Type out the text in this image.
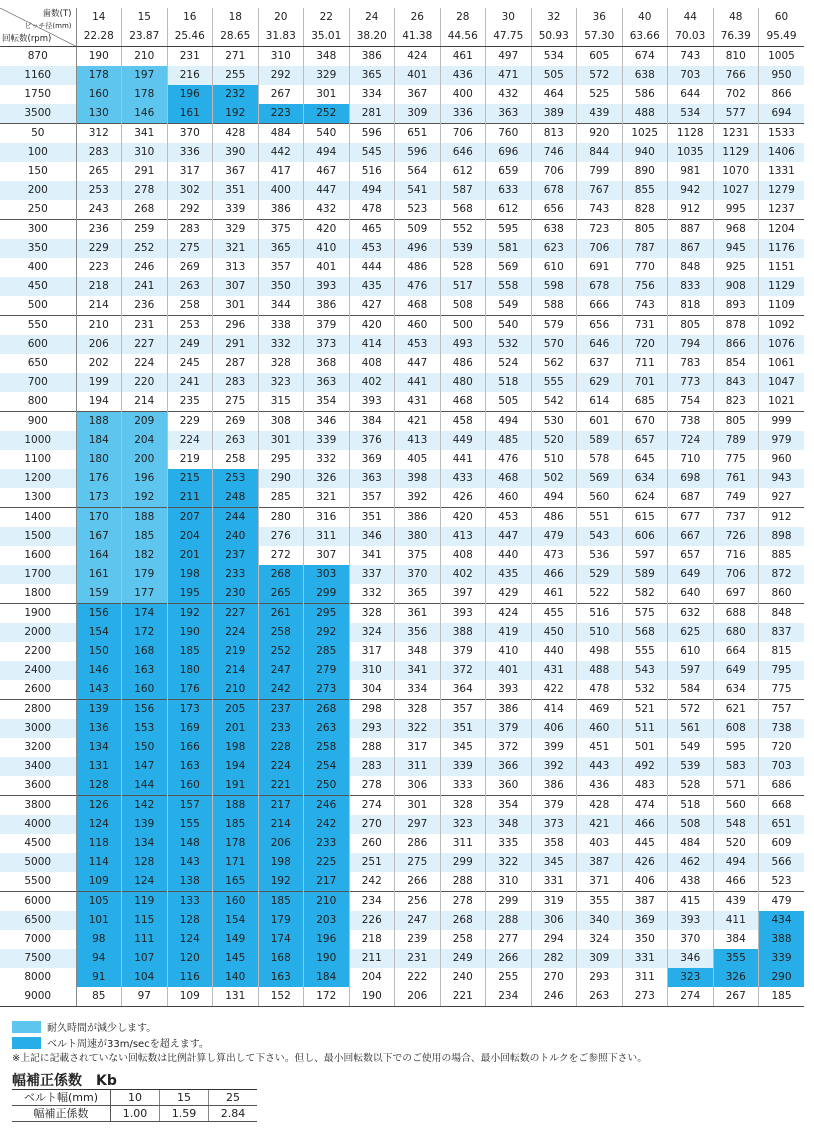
歯数(T)
ピッチ径(mm)
回転数(rpm)	14	15	16	18	20	22	24	26	28	30	32	36	40	44	48	60
	22.28	23.87	25.46	28.65	31.83	35.01	38.20	41.38	44.56	47.75	50.93	57.30	63.66	70.03	76.39	95.49
870	190	210	231	271	310	348	386	424	461	497	534	605	674	743	810	1005
1160	178	197	216	255	292	329	365	401	436	471	505	572	638	703	766	950
1750	160	178	196	232	267	301	334	367	400	432	464	525	586	644	702	866
3500	130	146	161	192	223	252	281	309	336	363	389	439	488	534	577	694
50	312	341	370	428	484	540	596	651	706	760	813	920	1025	1128	1231	1533
100	283	310	336	390	442	494	545	596	646	696	746	844	940	1035	1129	1406
150	265	291	317	367	417	467	516	564	612	659	706	799	890	981	1070	1331
200	253	278	302	351	400	447	494	541	587	633	678	767	855	942	1027	1279
250	243	268	292	339	386	432	478	523	568	612	656	743	828	912	995	1237
300	236	259	283	329	375	420	465	509	552	595	638	723	805	887	968	1204
350	229	252	275	321	365	410	453	496	539	581	623	706	787	867	945	1176
400	223	246	269	313	357	401	444	486	528	569	610	691	770	848	925	1151
450	218	241	263	307	350	393	435	476	517	558	598	678	756	833	908	1129
500	214	236	258	301	344	386	427	468	508	549	588	666	743	818	893	1109
550	210	231	253	296	338	379	420	460	500	540	579	656	731	805	878	1092
600	206	227	249	291	332	373	414	453	493	532	570	646	720	794	866	1076
650	202	224	245	287	328	368	408	447	486	524	562	637	711	783	854	1061
700	199	220	241	283	323	363	402	441	480	518	555	629	701	773	843	1047
800	194	214	235	275	315	354	393	431	468	505	542	614	685	754	823	1021
900	188	209	229	269	308	346	384	421	458	494	530	601	670	738	805	999
1000	184	204	224	263	301	339	376	413	449	485	520	589	657	724	789	979
1100	180	200	219	258	295	332	369	405	441	476	510	578	645	710	775	960
1200	176	196	215	253	290	326	363	398	433	468	502	569	634	698	761	943
1300	173	192	211	248	285	321	357	392	426	460	494	560	624	687	749	927
1400	170	188	207	244	280	316	351	386	420	453	486	551	615	677	737	912
1500	167	185	204	240	276	311	346	380	413	447	479	543	606	667	726	898
1600	164	182	201	237	272	307	341	375	408	440	473	536	597	657	716	885
1700	161	179	198	233	268	303	337	370	402	435	466	529	589	649	706	872
1800	159	177	195	230	265	299	332	365	397	429	461	522	582	640	697	860
1900	156	174	192	227	261	295	328	361	393	424	455	516	575	632	688	848
2000	154	172	190	224	258	292	324	356	388	419	450	510	568	625	680	837
2200	150	168	185	219	252	285	317	348	379	410	440	498	555	610	664	815
2400	146	163	180	214	247	279	310	341	372	401	431	488	543	597	649	795
2600	143	160	176	210	242	273	304	334	364	393	422	478	532	584	634	775
2800	139	156	173	205	237	268	298	328	357	386	414	469	521	572	621	757
3000	136	153	169	201	233	263	293	322	351	379	406	460	511	561	608	738
3200	134	150	166	198	228	258	288	317	345	372	399	451	501	549	595	720
3400	131	147	163	194	224	254	283	311	339	366	392	443	492	539	583	703
3600	128	144	160	191	221	250	278	306	333	360	386	436	483	528	571	686
3800	126	142	157	188	217	246	274	301	328	354	379	428	474	518	560	668
4000	124	139	155	185	214	242	270	297	323	348	373	421	466	508	548	651
4500	118	134	148	178	206	233	260	286	311	335	358	403	445	484	520	609
5000	114	128	143	171	198	225	251	275	299	322	345	387	426	462	494	566
5500	109	124	138	165	192	217	242	266	288	310	331	371	406	438	466	523
6000	105	119	133	160	185	210	234	256	278	299	319	355	387	415	439	479
6500	101	115	128	154	179	203	226	247	268	288	306	340	369	393	411	434
7000	98	111	124	149	174	196	218	239	258	277	294	324	350	370	384	388
7500	94	107	120	145	168	190	211	231	249	266	282	309	331	346	355	339
8000	91	104	116	140	163	184	204	222	240	255	270	293	311	323	326	290
9000	85	97	109	131	152	172	190	206	221	234	246	263	273	274	267	185
耐久時間が減少します。
ベルト周速が33m/secを超えます。
※上記に記載されていない回転数は比例計算し算出して下さい。但し、最小回転数以下でのご使用の場合、最小回転数のトルクをご参照下さい。
幅補正係数　Kb
ベルト幅(mm)	10	15	25
幅補正係数	1.00	1.59	2.84
